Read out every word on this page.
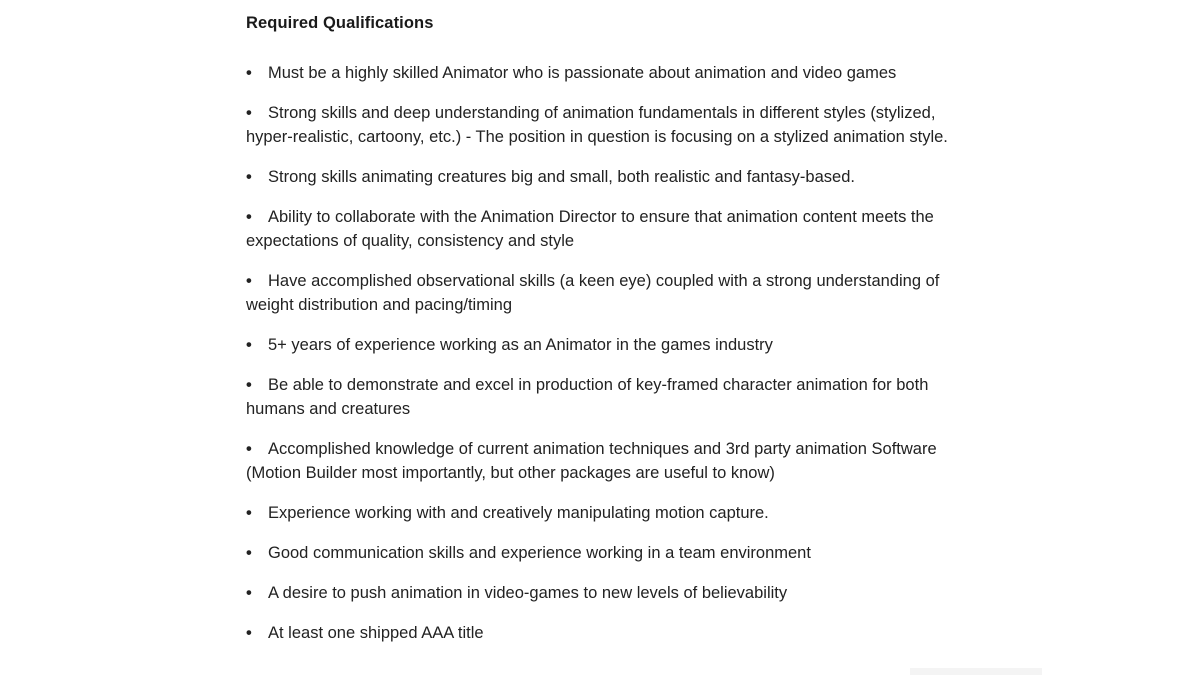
Required Qualifications
• Must be a highly skilled Animator who is passionate about animation and video games
• Strong skills and deep understanding of animation fundamentals in different styles (stylized, hyper-realistic, cartoony, etc.) - The position in question is focusing on a stylized animation style.
• Strong skills animating creatures big and small, both realistic and fantasy-based.
• Ability to collaborate with the Animation Director to ensure that animation content meets the expectations of quality, consistency and style
• Have accomplished observational skills (a keen eye) coupled with a strong understanding of weight distribution and pacing/timing
• 5+ years of experience working as an Animator in the games industry
• Be able to demonstrate and excel in production of key-framed character animation for both humans and creatures
• Accomplished knowledge of current animation techniques and 3rd party animation Software (Motion Builder most importantly, but other packages are useful to know)
• Experience working with and creatively manipulating motion capture.
• Good communication skills and experience working in a team environment
• A desire to push animation in video-games to new levels of believability
• At least one shipped AAA title
